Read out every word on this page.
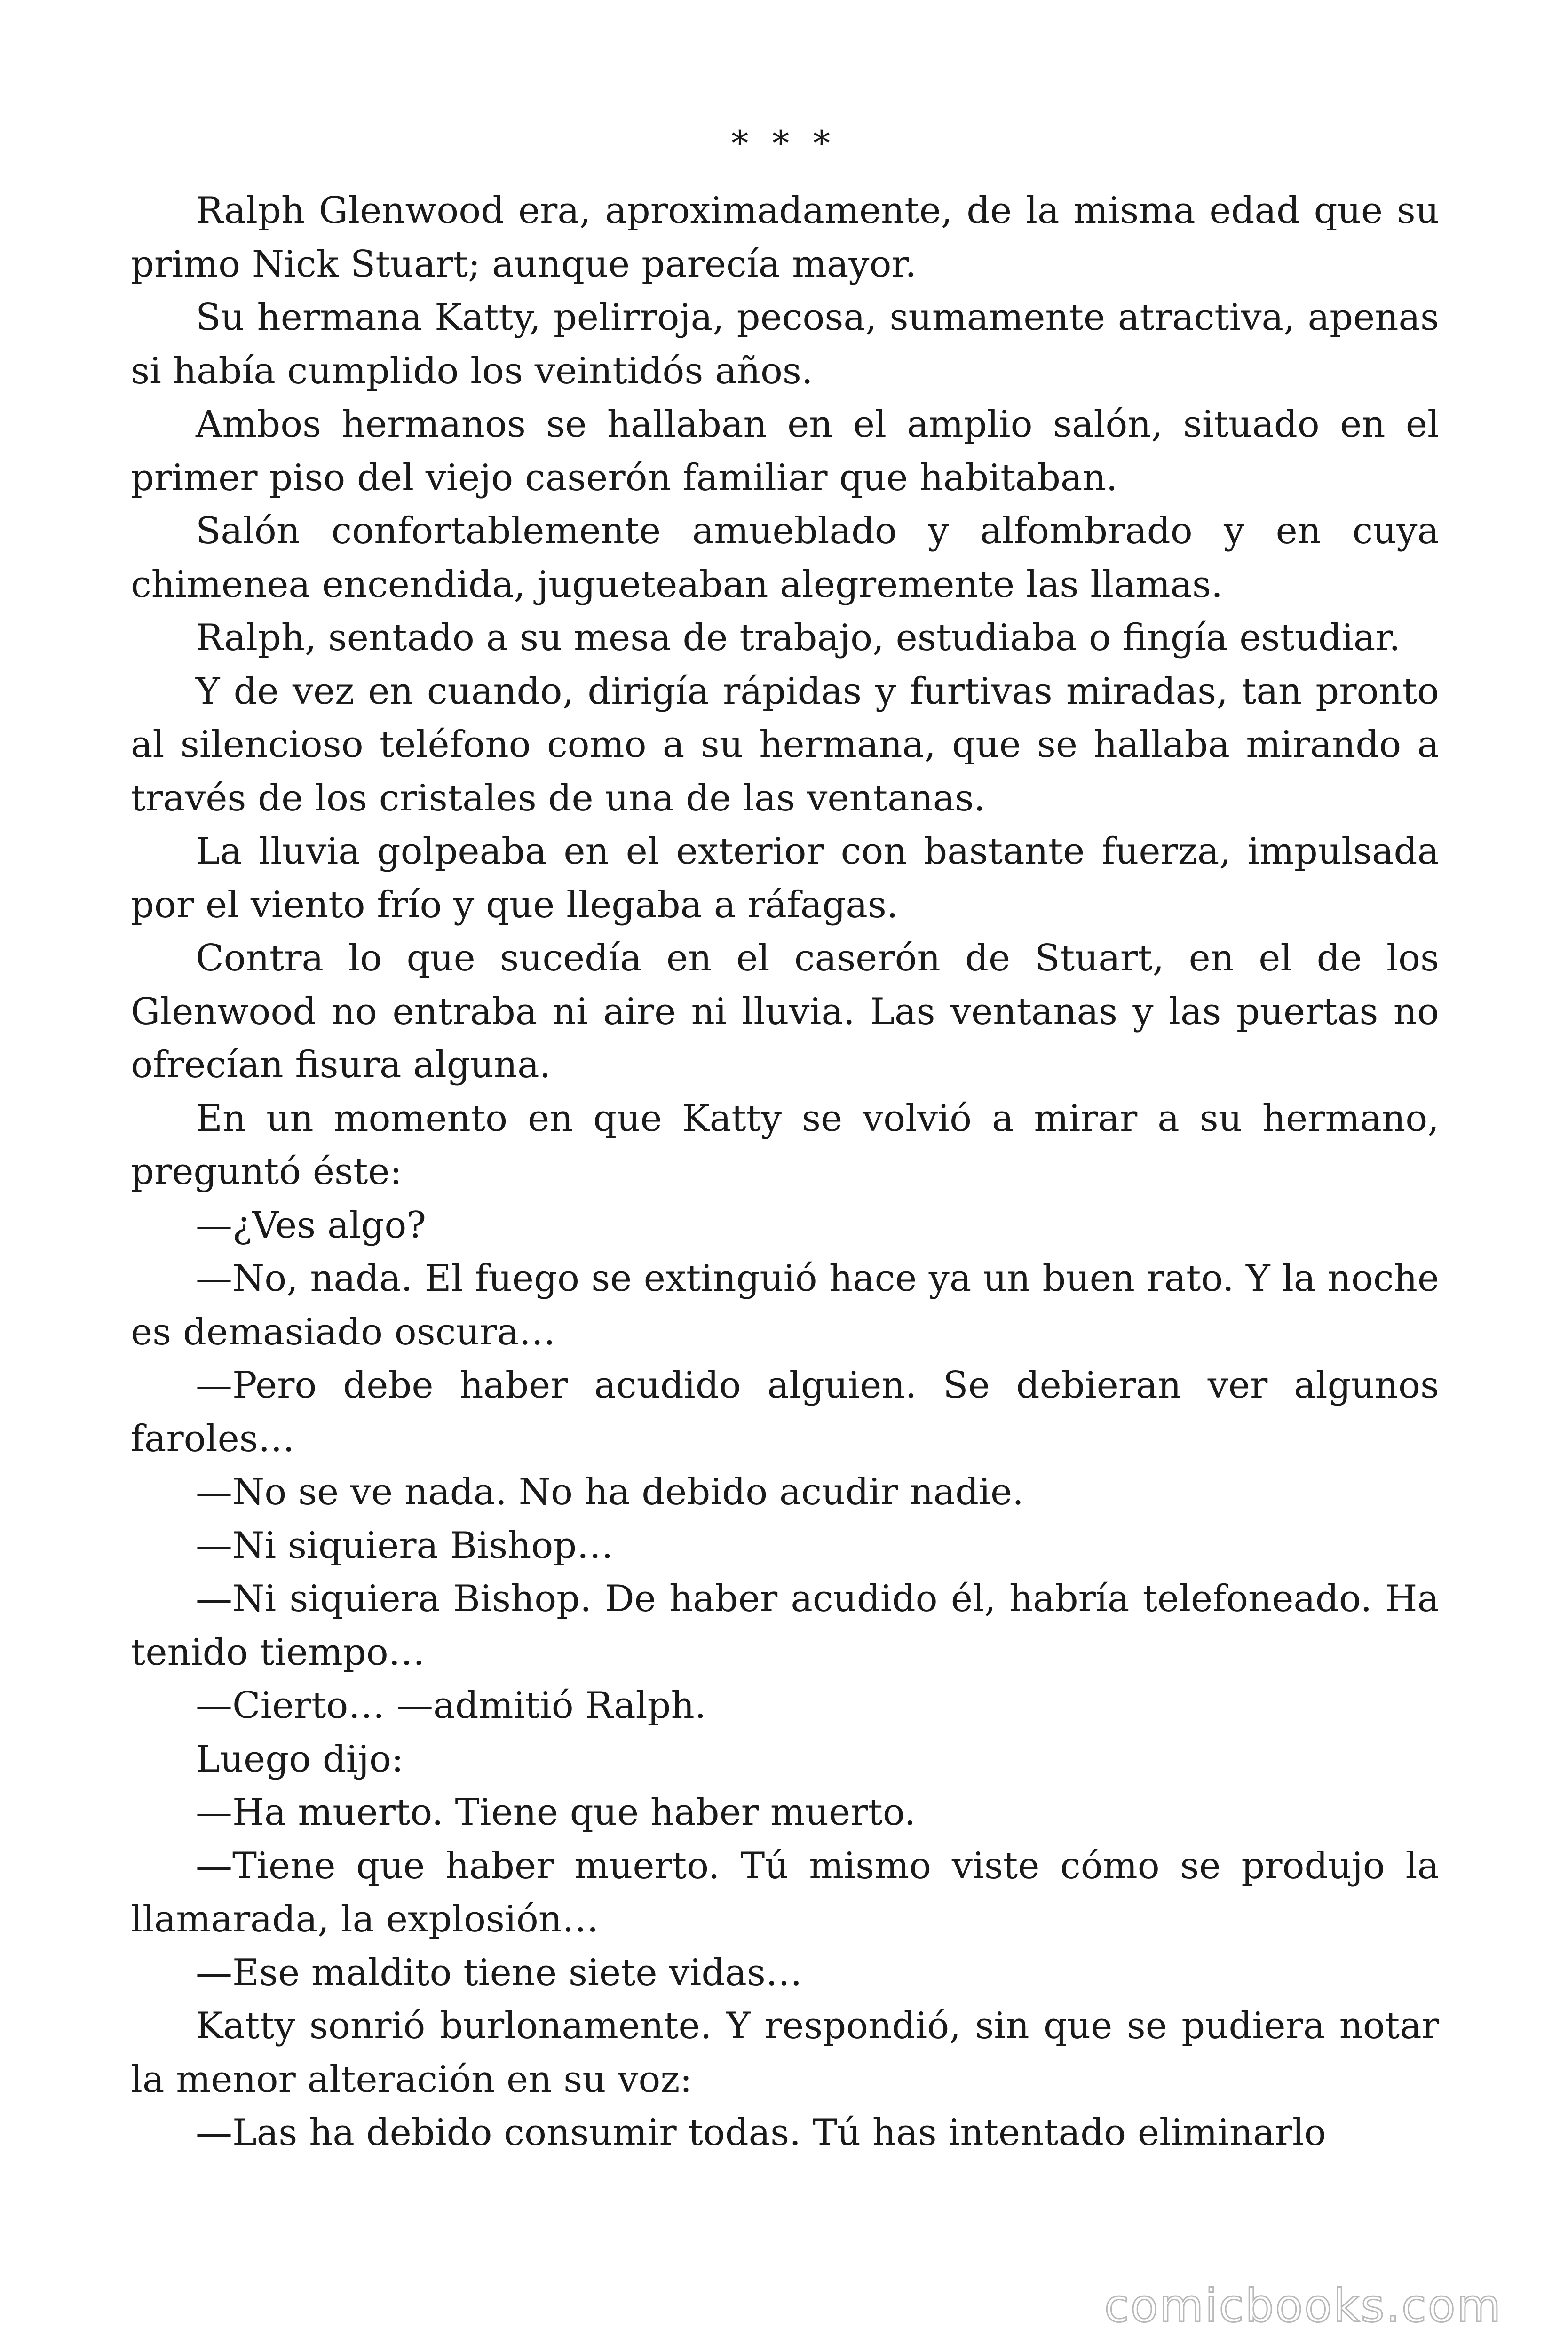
* * *

Ralph Glenwood era, aproximadamente, de la misma edad que su primo Nick Stuart; aunque parecía mayor.

Su hermana Katty, pelirroja, pecosa, sumamente atractiva, apenas si había cumplido los veintidós años.

Ambos hermanos se hallaban en el amplio salón, situado en el primer piso del viejo caserón familiar que habitaban.

Salón confortablemente amueblado y alfombrado y en cuya chimenea encendida, jugueteaban alegremente las llamas.

Ralph, sentado a su mesa de trabajo, estudiaba o fingía estudiar.

Y de vez en cuando, dirigía rápidas y furtivas miradas, tan pronto al silencioso teléfono como a su hermana, que se hallaba mirando a través de los cristales de una de las ventanas.

La lluvia golpeaba en el exterior con bastante fuerza, impulsada por el viento frío y que llegaba a ráfagas.

Contra lo que sucedía en el caserón de Stuart, en el de los Glenwood no entraba ni aire ni lluvia. Las ventanas y las puertas no ofrecían fisura alguna.

En un momento en que Katty se volvió a mirar a su hermano, preguntó éste:

—¿Ves algo?

—No, nada. El fuego se extinguió hace ya un buen rato. Y la noche es demasiado oscura…

—Pero debe haber acudido alguien. Se debieran ver algunos faroles…

—No se ve nada. No ha debido acudir nadie.

—Ni siquiera Bishop…

—Ni siquiera Bishop. De haber acudido él, habría telefoneado. Ha tenido tiempo…

—Cierto… —admitió Ralph.

Luego dijo:

—Ha muerto. Tiene que haber muerto.

—Tiene que haber muerto. Tú mismo viste cómo se produjo la llamarada, la explosión…

—Ese maldito tiene siete vidas…

Katty sonrió burlonamente. Y respondió, sin que se pudiera notar la menor alteración en su voz:

—Las ha debido consumir todas. Tú has intentado eliminarlo

comicbooks.com
